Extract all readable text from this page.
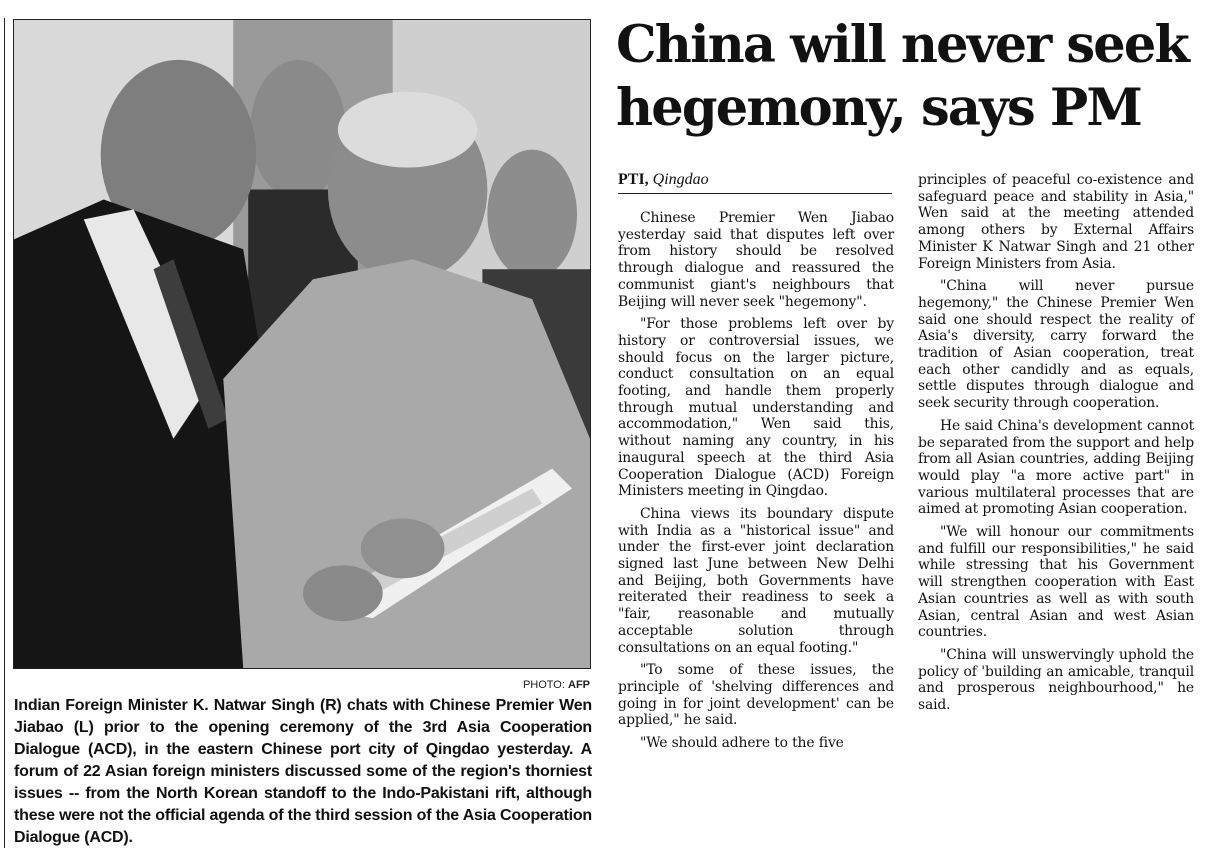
PHOTO: AFP
Indian Foreign Minister K. Natwar Singh (R) chats with Chinese Premier Wen Jiabao (L) prior to the opening ceremony of the 3rd Asia Cooperation Dialogue (ACD), in the eastern Chinese port city of Qingdao yesterday. A forum of 22 Asian foreign ministers discussed some of the region's thorniest issues -- from the North Korean standoff to the Indo-Pakistani rift, although these were not the official agenda of the third session of the Asia Cooperation Dialogue (ACD).
China will never seek hegemony, says PM
PTI, Qingdao

Chinese Premier Wen Jiabao yesterday said that disputes left over from history should be resolved through dialogue and reassured the communist giant's neighbours that Beijing will never seek "hegemony".

"For those problems left over by history or controversial issues, we should focus on the larger picture, conduct consultation on an equal footing, and handle them properly through mutual understanding and accommodation," Wen said this, without naming any country, in his inaugural speech at the third Asia Cooperation Dialogue (ACD) Foreign Ministers meeting in Qingdao.

China views its boundary dispute with India as a "historical issue" and under the first-ever joint declaration signed last June between New Delhi and Beijing, both Governments have reiterated their readiness to seek a "fair, reasonable and mutually acceptable solution through consultations on an equal footing."

"To some of these issues, the principle of 'shelving differences and going in for joint development' can be applied," he said.

"We should adhere to the five

principles of peaceful co-existence and safeguard peace and stability in Asia," Wen said at the meeting attended among others by External Affairs Minister K Natwar Singh and 21 other Foreign Ministers from Asia.

"China will never pursue hegemony," the Chinese Premier Wen said one should respect the reality of Asia's diversity, carry forward the tradition of Asian cooperation, treat each other candidly and as equals, settle disputes through dialogue and seek security through cooperation.

He said China's development cannot be separated from the support and help from all Asian countries, adding Beijing would play "a more active part" in various multilateral processes that are aimed at promoting Asian cooperation.

"We will honour our commitments and fulfill our responsibilities," he said while stressing that his Government will strengthen cooperation with East Asian countries as well as with south Asian, central Asian and west Asian countries.

"China will unswervingly uphold the policy of 'building an amicable, tranquil and prosperous neighbourhood," he said.
